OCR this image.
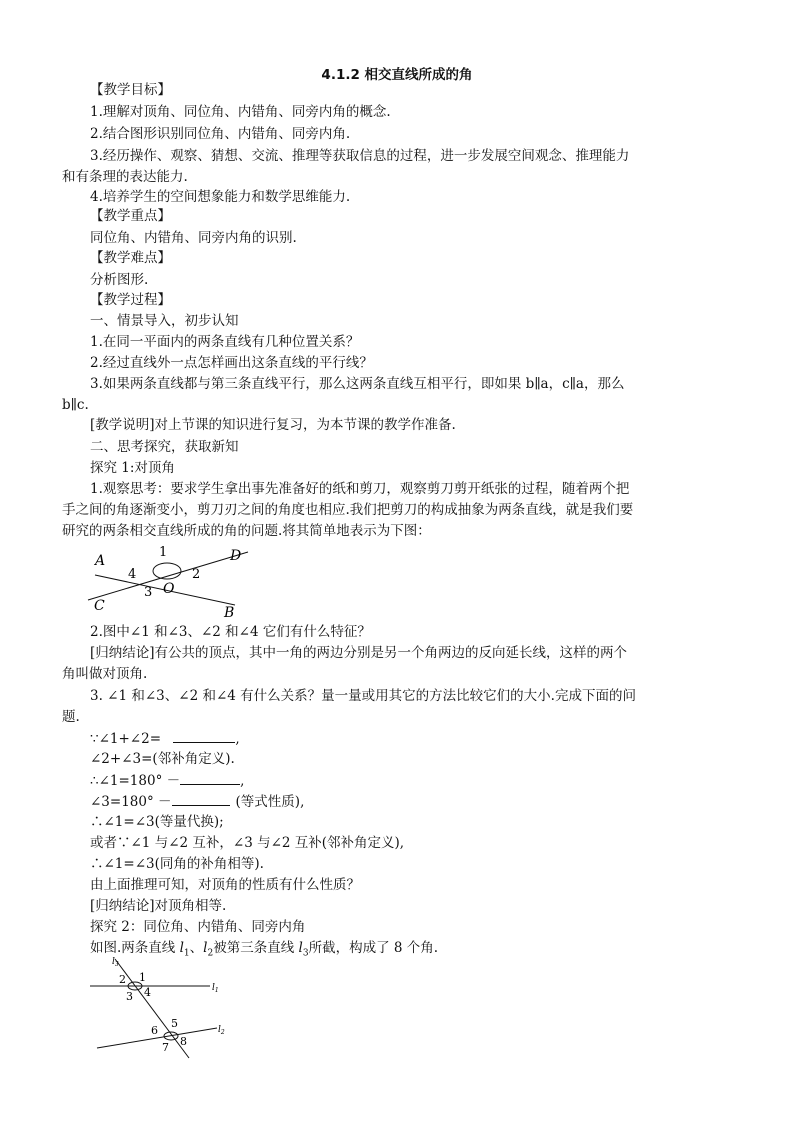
4.1.2 相交直线所成的角
【教学目标】
1.理解对顶角、同位角、内错角、同旁内角的概念.
2.结合图形识别同位角、内错角、同旁内角.
3.经历操作、观察、猜想、交流、推理等获取信息的过程，进一步发展空间观念、推理能力
和有条理的表达能力.
4.培养学生的空间想象能力和数学思维能力.
【教学重点】
同位角、内错角、同旁内角的识别.
【教学难点】
分析图形.
【教学过程】
一、情景导入，初步认知
1.在同一平面内的两条直线有几种位置关系？
2.经过直线外一点怎样画出这条直线的平行线？
3.如果两条直线都与第三条直线平行，那么这两条直线互相平行，即如果 b∥a，c∥a，那么
b∥c.
[教学说明]对上节课的知识进行复习，为本节课的教学作准备.
二、思考探究，获取新知
探究 1:对顶角
1.观察思考：要求学生拿出事先准备好的纸和剪刀，观察剪刀剪开纸张的过程，随着两个把
手之间的角逐渐变小，剪刀刃之间的角度也相应.我们把剪刀的构成抽象为两条直线，就是我们要
研究的两条相交直线所成的角的问题.将其简单地表示为下图：
A	D
C	B
O
1
2
3
4
2.图中∠1 和∠3、∠2 和∠4 它们有什么特征？
[归纳结论]有公共的顶点，其中一角的两边分别是另一个角两边的反向延长线，这样的两个
角叫做对顶角.
3. ∠1 和∠3、∠2 和∠4 有什么关系？量一量或用其它的方法比较它们的大小.完成下面的问
题.
∵∠1+∠2=	,
∠2+∠3=(邻补角定义).
∴∠1=180° －	,
∠3=180° －	(等式性质),
∴∠1=∠3(等量代换);
或者∵∠1 与∠2 互补，∠3 与∠2 互补(邻补角定义),
∴∠1=∠3(同角的补角相等).
由上面推理可知，对顶角的性质有什么性质？
[归纳结论]对顶角相等.
探究 2：同位角、内错角、同旁内角
如图.两条直线 $l_1$、$l_2$被第三条直线 $l_3$所截，构成了 8 个角.
$l_3$
$l_1$
$l_2$
1
2
3 4
5
6
7 8
